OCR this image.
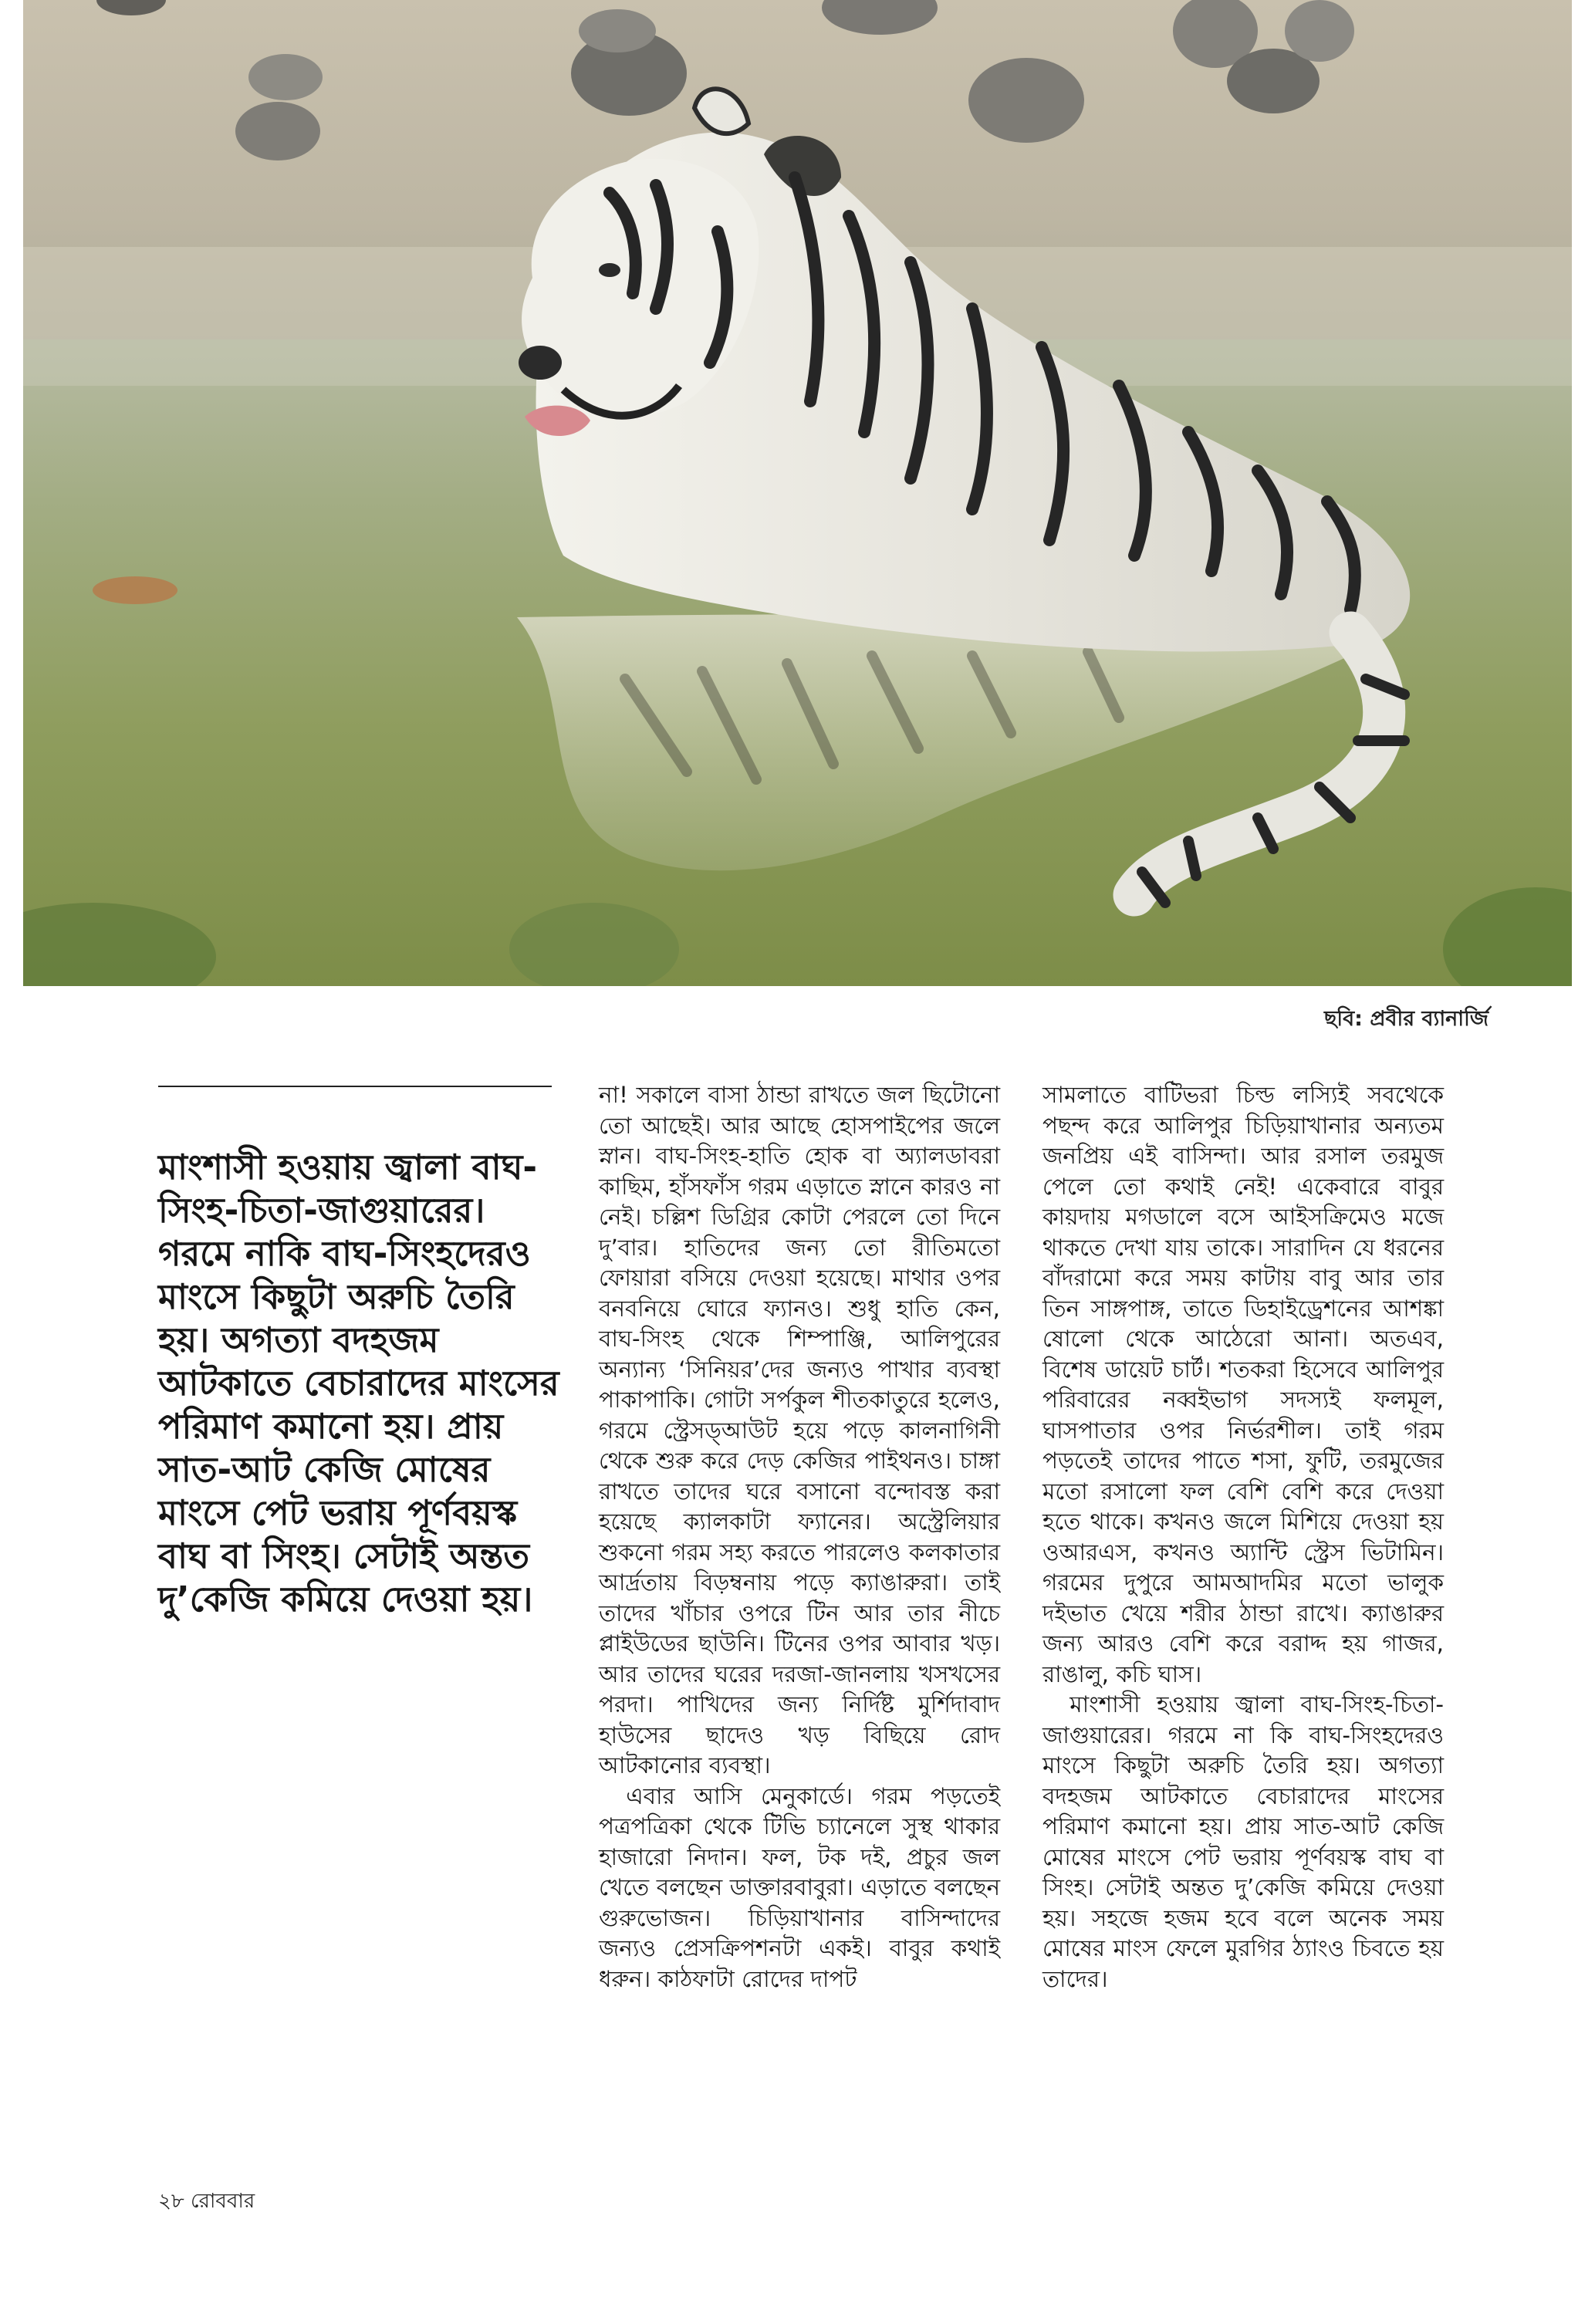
ছবি: প্রবীর ব্যানার্জি

মাংশাসী হওয়ায় জ্বালা বাঘ-সিংহ-চিতা-জাগুয়ারের। গরমে নাকি বাঘ-সিংহদেরও মাংসে কিছুটা অরুচি তৈরি হয়। অগত্যা বদহজম আটকাতে বেচারাদের মাংসের পরিমাণ কমানো হয়। প্রায় সাত-আট কেজি মোষের মাংসে পেট ভরায় পূর্ণবয়স্ক বাঘ বা সিংহ। সেটাই অন্তত দু’কেজি কমিয়ে দেওয়া হয়।

না! সকালে বাসা ঠান্ডা রাখতে জল ছিটোনো তো আছেই। আর আছে হোসপাইপের জলে স্নান। বাঘ-সিংহ-হাতি হোক বা অ্যালডাবরা কাছিম, হাঁসফাঁস গরম এড়াতে স্নানে কারও না নেই। চল্লিশ ডিগ্রির কোটা পেরলে তো দিনে দু’বার। হাতিদের জন্য তো রীতিমতো ফোয়ারা বসিয়ে দেওয়া হয়েছে। মাথার ওপর বনবনিয়ে ঘোরে ফ্যানও। শুধু হাতি কেন, বাঘ-সিংহ থেকে শিম্পাঞ্জি, আলিপুরের অন্যান্য ‘সিনিয়র’দের জন্যও পাখার ব্যবস্থা পাকাপাকি। গোটা সর্পকুল শীতকাতুরে হলেও, গরমে স্ট্রেসড্‌আউট হয়ে পড়ে কালনাগিনী থেকে শুরু করে দেড় কেজির পাইথনও। চাঙ্গা রাখতে তাদের ঘরে বসানো বন্দোবস্ত করা হয়েছে ক্যালকাটা ফ্যানের। অস্ট্রেলিয়ার শুকনো গরম সহ্য করতে পারলেও কলকাতার আর্দ্রতায় বিড়ম্বনায় পড়ে ক্যাঙারুরা। তাই তাদের খাঁচার ওপরে টিন আর তার নীচে প্লাইউডের ছাউনি। টিনের ওপর আবার খড়। আর তাদের ঘরের দরজা-জানলায় খসখসের পরদা। পাখিদের জন্য নির্দিষ্ট মুর্শিদাবাদ হাউসের ছাদেও খড় বিছিয়ে রোদ আটকানোর ব্যবস্থা।

এবার আসি মেনুকার্ডে। গরম পড়তেই পত্রপত্রিকা থেকে টিভি চ্যানেলে সুস্থ থাকার হাজারো নিদান। ফল, টক দই, প্রচুর জল খেতে বলছেন ডাক্তারবাবুরা। এড়াতে বলছেন গুরুভোজন। চিড়িয়াখানার বাসিন্দাদের জন্যও প্রেসক্রিপশনটা একই। বাবুর কথাই ধরুন। কাঠফাটা রোদের দাপট

সামলাতে বাটিভরা চিল্ড লস্যিই সবথেকে পছন্দ করে আলিপুর চিড়িয়াখানার অন্যতম জনপ্রিয় এই বাসিন্দা। আর রসাল তরমুজ পেলে তো কথাই নেই! একেবারে বাবুর কায়দায় মগডালে বসে আইসক্রিমেও মজে থাকতে দেখা যায় তাকে। সারাদিন যে ধরনের বাঁদরামো করে সময় কাটায় বাবু আর তার তিন সাঙ্গপাঙ্গ, তাতে ডিহাইড্রেশনের আশঙ্কা ষোলো থেকে আঠেরো আনা। অতএব, বিশেষ ডায়েট চার্ট। শতকরা হিসেবে আলিপুর পরিবারের নব্বইভাগ সদস্যই ফলমূল, ঘাসপাতার ওপর নির্ভরশীল। তাই গরম পড়তেই তাদের পাতে শসা, ফুটি, তরমুজের মতো রসালো ফল বেশি বেশি করে দেওয়া হতে থাকে। কখনও জলে মিশিয়ে দেওয়া হয় ওআরএস, কখনও অ্যান্টি স্ট্রেস ভিটামিন। গরমের দুপুরে আমআদমির মতো ভালুক দইভাত খেয়ে শরীর ঠান্ডা রাখে। ক্যাঙারুর জন্য আরও বেশি করে বরাদ্দ হয় গাজর, রাঙালু, কচি ঘাস।

মাংশাসী হওয়ায় জ্বালা বাঘ-সিংহ-চিতা-জাগুয়ারের। গরমে না কি বাঘ-সিংহদেরও মাংসে কিছুটা অরুচি তৈরি হয়। অগত্যা বদহজম আটকাতে বেচারাদের মাংসের পরিমাণ কমানো হয়। প্রায় সাত-আট কেজি মোষের মাংসে পেট ভরায় পূর্ণবয়স্ক বাঘ বা সিংহ। সেটাই অন্তত দু’কেজি কমিয়ে দেওয়া হয়। সহজে হজম হবে বলে অনেক সময় মোষের মাংস ফেলে মুরগির ঠ্যাংও চিবতে হয় তাদের।

২৮ রোববার
